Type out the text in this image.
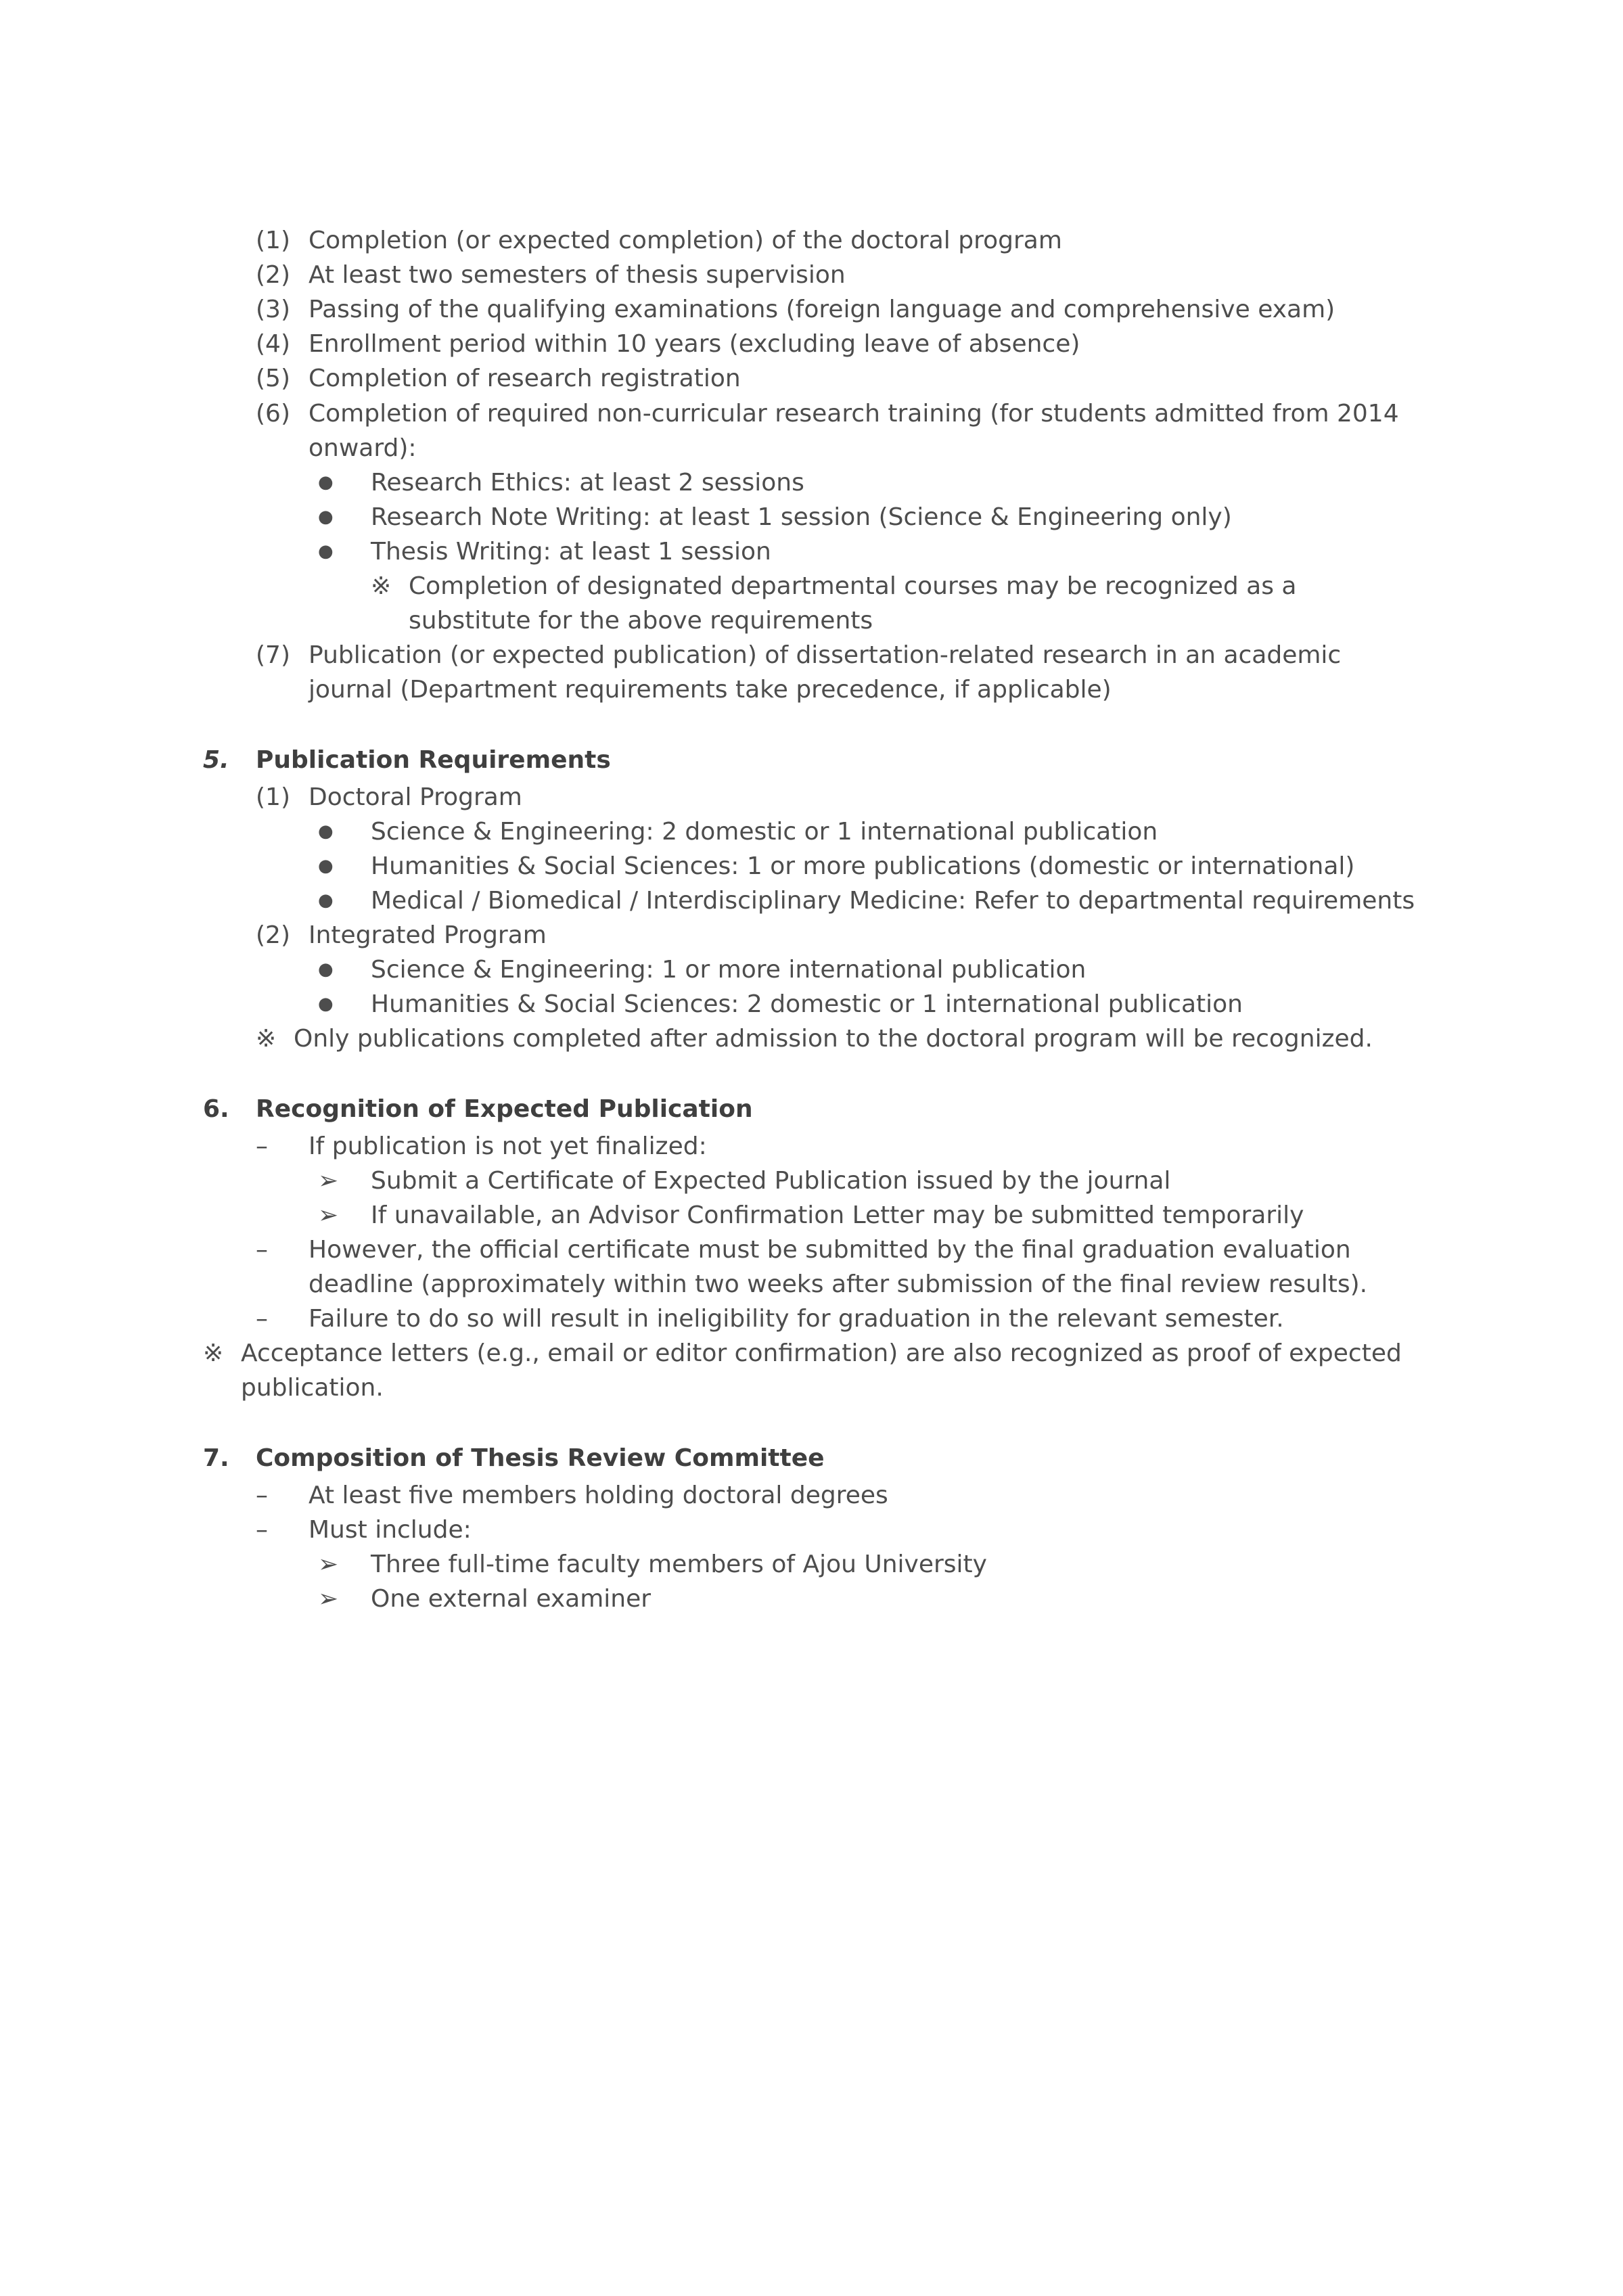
(1) Completion (or expected completion) of the doctoral program
(2) At least two semesters of thesis supervision
(3) Passing of the qualifying examinations (foreign language and comprehensive exam)
(4) Enrollment period within 10 years (excluding leave of absence)
(5) Completion of research registration
(6) Completion of required non-curricular research training (for students admitted from 2014 onward):
●	Research Ethics: at least 2 sessions
●	Research Note Writing: at least 1 session (Science & Engineering only)
●	Thesis Writing: at least 1 session
※ Completion of designated departmental courses may be recognized as a substitute for the above requirements
(7) Publication (or expected publication) of dissertation-related research in an academic journal (Department requirements take precedence, if applicable)
5.	Publication Requirements
(1) Doctoral Program
●	Science & Engineering: 2 domestic or 1 international publication
●	Humanities & Social Sciences: 1 or more publications (domestic or international)
●	Medical / Biomedical / Interdisciplinary Medicine: Refer to departmental requirements
(2) Integrated Program
●	Science & Engineering: 1 or more international publication
●	Humanities & Social Sciences: 2 domestic or 1 international publication
※ Only publications completed after admission to the doctoral program will be recognized.
6.	Recognition of Expected Publication
–	If publication is not yet finalized:
➢	Submit a Certificate of Expected Publication issued by the journal
➢	If unavailable, an Advisor Confirmation Letter may be submitted temporarily
–	However, the official certificate must be submitted by the final graduation evaluation deadline (approximately within two weeks after submission of the final review results).
–	Failure to do so will result in ineligibility for graduation in the relevant semester.
※ Acceptance letters (e.g., email or editor confirmation) are also recognized as proof of expected publication.
7.	Composition of Thesis Review Committee
–	At least five members holding doctoral degrees
–	Must include:
➢	Three full-time faculty members of Ajou University
➢	One external examiner
